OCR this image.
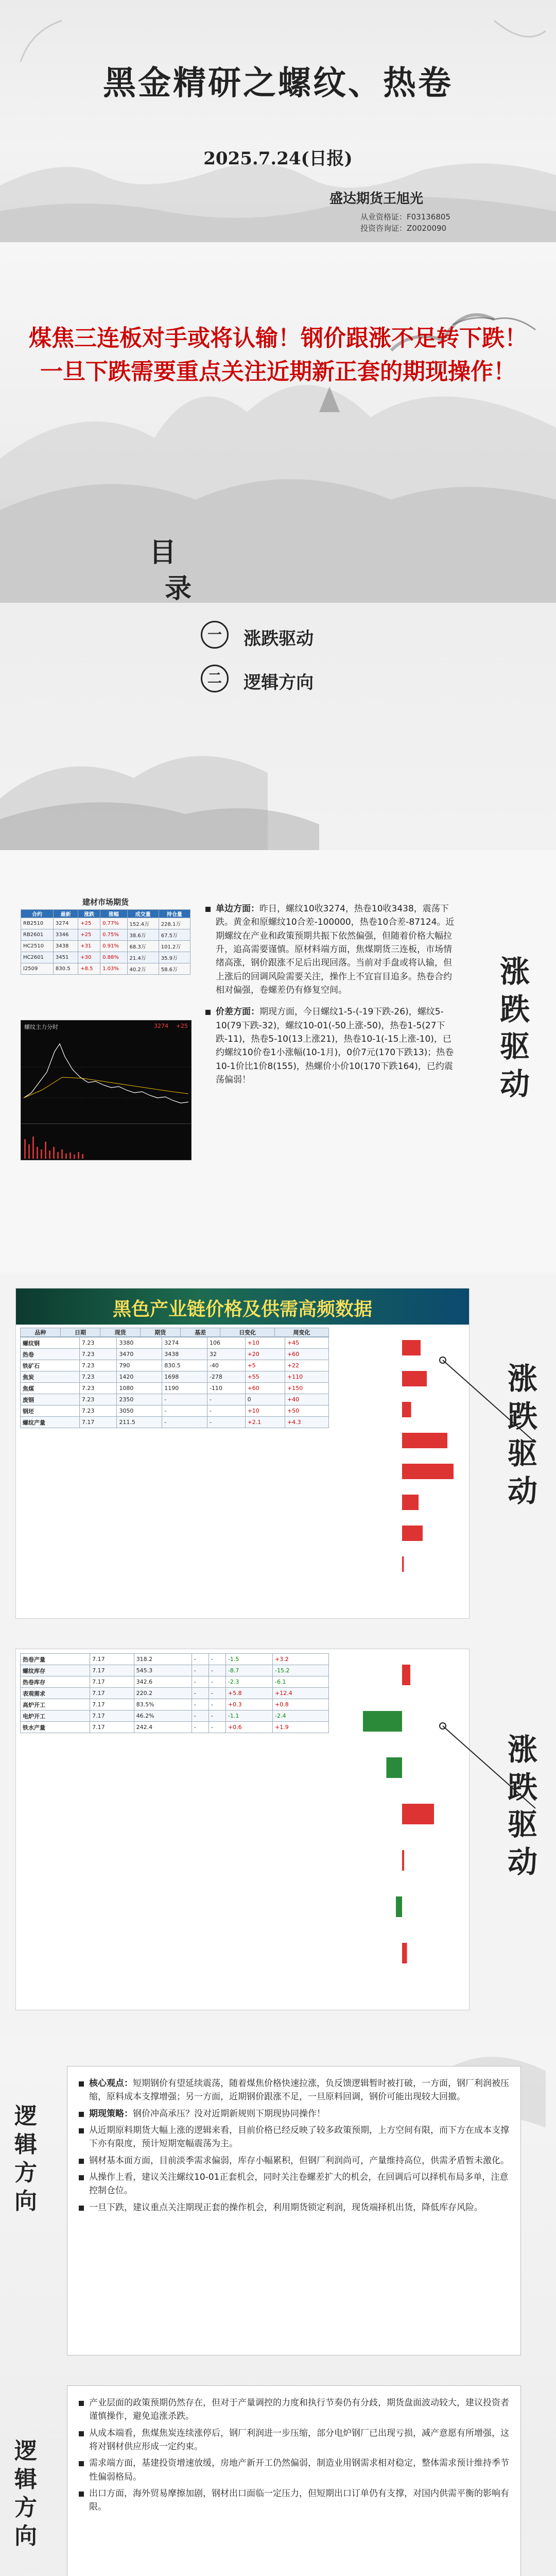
黑金精研之螺纹、热卷
2025.7.24(日报)
盛达期货王旭光
从业资格证：F03136805
投资咨询证：Z0020090
煤焦三连板对手或将认输！钢价跟涨不足转下跌！
一旦下跌需要重点关注近期新正套的期现操作！
目
录
一 涨跌驱动
二 逻辑方向
建材市场期货
合约	最新	涨跌	涨幅	成交量	持仓量
RB2510	3274	+25	0.77%	152.4万	228.1万
RB2601	3346	+25	0.75%	38.6万	67.5万
HC2510	3438	+31	0.91%	68.3万	101.2万
HC2601	3451	+30	0.88%	21.4万	35.9万
I2509	830.5	+8.5	1.03%	40.2万	58.6万
螺纹主力分时	3274 +25
单边方面：昨日，螺纹10收3274，热卷10收3438，震荡下跌。黄金和原螺纹10合差-100000，热卷10合差-87124。近期螺纹在产业和政策预期共振下依然偏强，但随着价格大幅拉升，追高需要谨慎。原材料端方面，焦煤期货三连板，市场情绪高涨，钢价跟涨不足后出现回落。当前对手盘或将认输，但上涨后的回调风险需要关注，操作上不宜盲目追多。热卷合约相对偏强，卷螺差仍有修复空间。
价差方面：期现方面，今日螺纹1-5-(-19下跌-26)，螺纹5-10(79下跌-32)，螺纹10-01(-50上涨-50)，热卷1-5(27下跌-11)，热卷5-10(13上涨21)，热卷10-1(-15上涨-10)，已约螺纹10价卷1小涨幅(10-1月)，0价7元(170下跌13)；热卷10-1价比1价8(155)，热螺价小价10(170下跌164)，已约震荡偏弱！
涨跌驱动
黑色产业链价格及供需高频数据
品种	日期	现货	期货	基差	日变化	周变化
螺纹钢	7.23	3380	3274	106	+10	+45
热卷	7.23	3470	3438	32	+20	+60
铁矿石	7.23	790	830.5	-40	+5	+22
焦炭	7.23	1420	1698	-278	+55	+110
焦煤	7.23	1080	1190	-110	+60	+150
废钢	7.23	2350	-	-	0	+40
钢坯	7.23	3050	-	-	+10	+50
螺纹产量	7.17	211.5	-	-	+2.1	+4.3
涨跌驱动
热卷产量	7.17	318.2	-	-	-1.5	+3.2
螺纹库存	7.17	545.3	-	-	-8.7	-15.2
热卷库存	7.17	342.6	-	-	-2.3	-6.1
表观需求	7.17	220.2	-	-	+5.8	+12.4
高炉开工	7.17	83.5%	-	-	+0.3	+0.8
电炉开工	7.17	46.2%	-	-	-1.1	-2.4
铁水产量	7.17	242.4	-	-	+0.6	+1.9
涨跌驱动
核心观点：短期钢价有望延续震荡，随着煤焦价格快速拉涨，负反馈逻辑暂时被打破，一方面，钢厂利润被压缩，原料成本支撑增强；另一方面，近期钢价跟涨不足，一旦原料回调，钢价可能出现较大回撤。
期现策略：钢价冲高承压？没对近期新规则下期现协同操作！
从近期原料期货大幅上涨的逻辑来看，目前价格已经反映了较多政策预期，上方空间有限，而下方在成本支撑下亦有限度，预计短期宽幅震荡为主。
钢材基本面方面，目前淡季需求偏弱，库存小幅累积，但钢厂利润尚可，产量维持高位，供需矛盾暂未激化。
从操作上看，建议关注螺纹10-01正套机会，同时关注卷螺差扩大的机会，在回调后可以择机布局多单，注意控制仓位。
一旦下跌，建议重点关注期现正套的操作机会，利用期货锁定利润，现货端择机出货，降低库存风险。
逻辑方向
产业层面的政策预期仍然存在，但对于产量调控的力度和执行节奏仍有分歧，期货盘面波动较大，建议投资者谨慎操作，避免追涨杀跌。
从成本端看，焦煤焦炭连续涨停后，钢厂利润进一步压缩，部分电炉钢厂已出现亏损，减产意愿有所增强，这将对钢材供应形成一定约束。
需求端方面，基建投资增速放缓，房地产新开工仍然偏弱，制造业用钢需求相对稳定，整体需求预计维持季节性偏弱格局。
出口方面，海外贸易摩擦加剧，钢材出口面临一定压力，但短期出口订单仍有支撑，对国内供需平衡的影响有限。
逻辑方向
